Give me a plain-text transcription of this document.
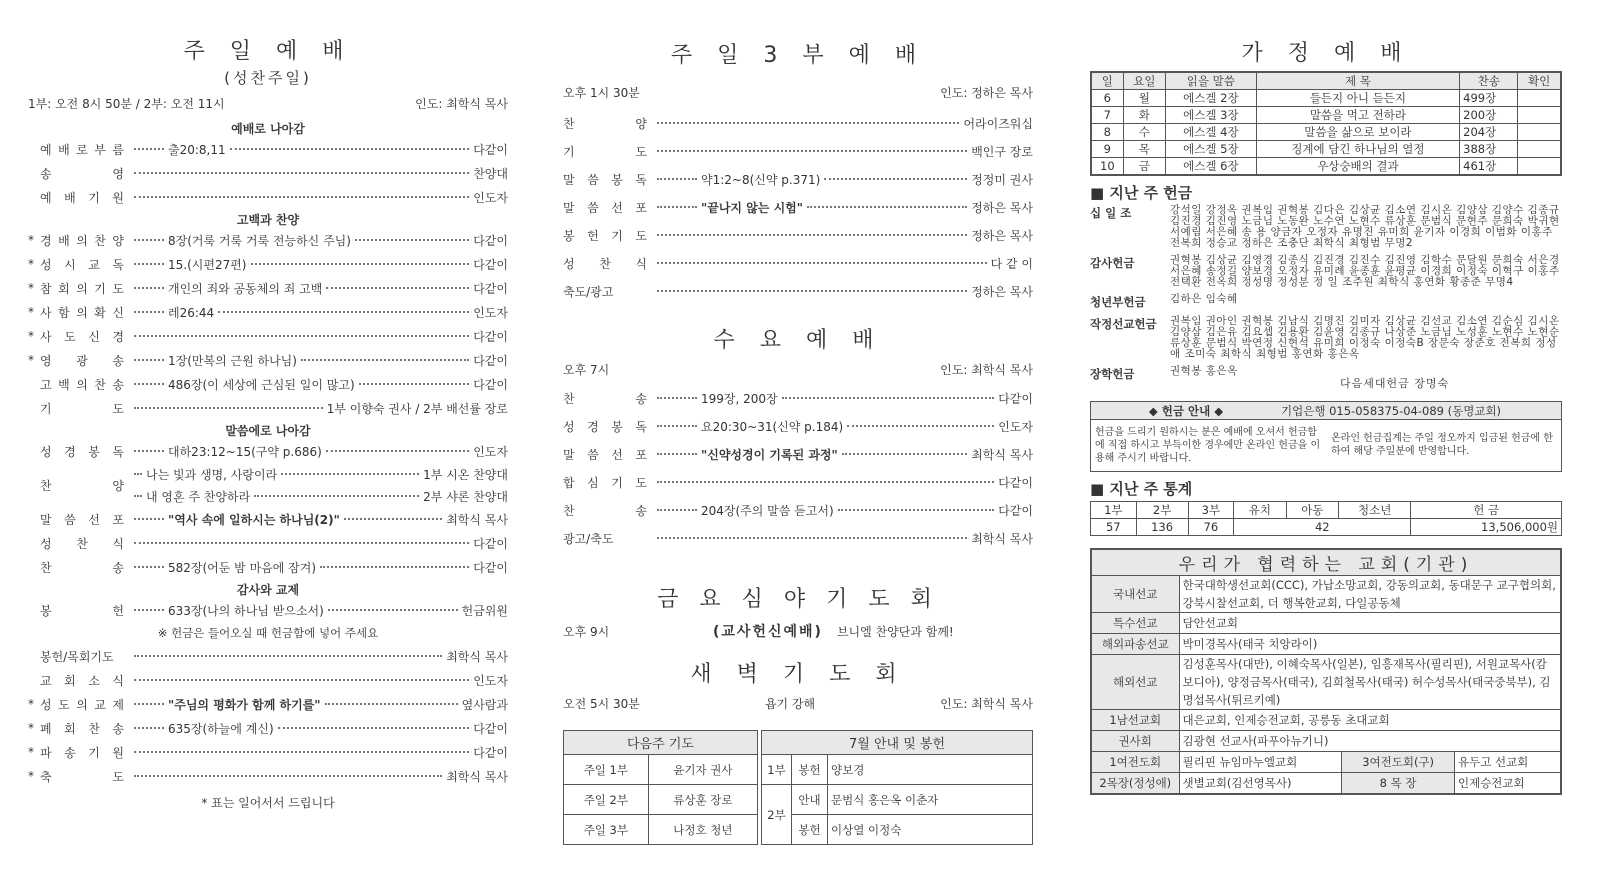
주 일 예 배
(성찬주일)
1부: 오전 8시 50분 / 2부: 오전 11시	인도: 최학식 목사
예배로 나아감
예 배 로 부 름	출20:8,11	다같이
송	영	찬양대
예 배 기 원	인도자
고백과 찬양
* 경 배 의 찬 양	8장(거룩 거룩 거룩 전능하신 주님)	다같이
* 성 시 교 독	15.(시편27편)	다같이
* 참 회 의 기 도	개인의 죄와 공동체의 죄 고백	다같이
* 사 함 의 확 신	레26:44	인도자
* 사 도 신 경	다같이
* 영 광 송	1장(만복의 근원 하나님)	다같이
고 백 의 찬 송	486장(이 세상에 근심된 일이 많고)	다같이
기	도	1부 이향숙 권사 / 2부 배선률 장로
말씀에로 나아감
성 경 봉 독	대하23:12~15(구약 p.686)	인도자
찬	양
나는 빛과 생명, 사랑이라	1부 시온 찬양대
내 영혼 주 찬양하라	2부 샤론 찬양대
말 씀 선 포	"역사 속에 일하시는 하나님(2)"	최학식 목사
성 찬 식	다같이
찬	송	582장(어둔 밤 마음에 잠겨)	다같이
감사와 교제
봉	헌	633장(나의 하나님 받으소서)	헌금위원
※ 헌금은 들어오실 때 헌금함에 넣어 주세요
봉헌/목회기도	최학식 목사
교 회 소 식	인도자
* 성 도 의 교 제	"주님의 평화가 함께 하기를"	옆사람과
* 폐 회 찬 송	635장(하늘에 계신)	다같이
* 파 송 기 원	다같이
* 축	도	최학식 목사
* 표는 일어서서 드립니다
주 일 3 부 예 배
오후 1시 30분	인도: 정하은 목사
찬	양	어라이즈워십
기	도	백인구 장로
말 씀 봉 독	약1:2~8(신약 p.371)	정정미 권사
말 씀 선 포	"끝나지 않는 시험"	정하은 목사
봉 헌 기 도	정하은 목사
성 찬 식	다 같 이
축도/광고	정하은 목사
수 요 예 배
오후 7시	인도: 최학식 목사
찬	송	199장, 200장	다같이
성 경 봉 독	요20:30~31(신약 p.184)	인도자
말 씀 선 포	"신약성경이 기록된 과정"	최학식 목사
합 심 기 도	다같이
찬	송	204장(주의 말씀 듣고서)	다같이
광고/축도	최학식 목사
금 요 심 야 기 도 회
오후 9시	(교사헌신예배) 브니엘 찬양단과 함께!
새 벽 기 도 회
오전 5시 30분	욥기 강해	인도: 최학식 목사
다음주 기도	
주일 1부	윤기자 권사
주일 2부	류상훈 장로
주일 3부	나정호 청년
7월 안내 및 봉헌		
1부	봉헌	양보경
2부	안내	문범식 홍은옥 이춘자
	봉헌	이상열 이정숙
가 정 예 배
일	요일	읽을 말씀	제 목	찬송	확인
6	월	에스겔 2장	들든지 아니 듣든지	499장	
7	화	에스겔 3장	말씀을 먹고 전하라	200장	
8	수	에스겔 4장	말씀을 삶으로 보이라	204장	
9	목	에스겔 5장	징계에 담긴 하나님의 열정	388장	
10	금	에스겔 6장	우상숭배의 결과	461장	
■ 지난 주 헌금
십 일 조	강석일 강정옥 권복임 권혁봉 김다은 김상균 김소연 김시온 김양삼 김양수 김종규 김진경 김진영 노금님 노동완 노수연 노현수 류상훈 문범식 문현주 문희숙 박귀현 서예림 서은혜 송 용 양금자 오정자 유명진 유미희 윤기자 이경희 이범화 이홍주 전복희 정승교 정하은 조충단 최학식 최형범 무명2
감사헌금	권혁봉 김상균 김영경 김종식 김진경 김진수 김진영 김학수 문달원 문희숙 서은경 서은혜 송정길 양보경 오정자 유미례 윤종훈 윤평균 이경희 이정숙 이혁구 이홍주 전택환 전옥희 정성명 정성분 정 일 조주원 최학식 홍연화 황종준 무명4
청년부헌금	김하은 임숙혜
작정선교헌금	권복임 권아인 권혁봉 김남식 김명진 김미자 김상균 김선교 김소연 김순심 김시온 김양삼 김은유 김요셉 김용환 김윤영 김종규 나상준 노금님 노성훈 노현수 노현순 류상훈 문범식 박연정 신현석 유미희 이정숙 이정숙B 장문숙 장준호 전복희 정성애 조미숙 최학식 최형범 홍연화 홍은옥
장학헌금	권혁봉 홍은옥
다음세대헌금 장명숙
◆ 헌금 안내 ◆	기업은행 015-058375-04-089 (동명교회)
헌금을 드리기 원하시는 분은 예배에 오셔서 헌금함에 직접 하시고 부득이한 경우에만 온라인 헌금을 이용해 주시기 바랍니다.
온라인 헌금집계는 주일 정오까지 입금된 헌금에 한하여 해당 주일분에 반영합니다.
■ 지난 주 통계
1부	2부	3부	유치	아동	청소년	헌 금
57	136	76	42			13,506,000원
우리가 협력하는 교회(기관)			
국내선교	한국대학생선교회(CCC), 가납소망교회, 강동의교회, 동대문구 교구협의회, 강북시찰선교회, 더 행복한교회, 다일공동체		
특수선교	담안선교회		
해외파송선교	박미경목사(태국 치앙라이)		
해외선교	김성훈목사(대만), 이혜숙목사(일본), 임흥재목사(필리핀), 서원교목사(캄보디아), 양정금목사(태국), 김희철목사(태국) 허수성목사(태국중북부), 김명섭목사(튀르키예)		
1남선교회	대은교회, 인제승전교회, 공릉동 초대교회		
권사회	김광현 선교사(파푸아뉴기니)		
1여전도회	필리핀 뉴임마누엘교회	3여전도회(구)	유두고 선교회
2목장(정성애)	샛별교회(김선영목사)	8 목 장	인제승전교회
